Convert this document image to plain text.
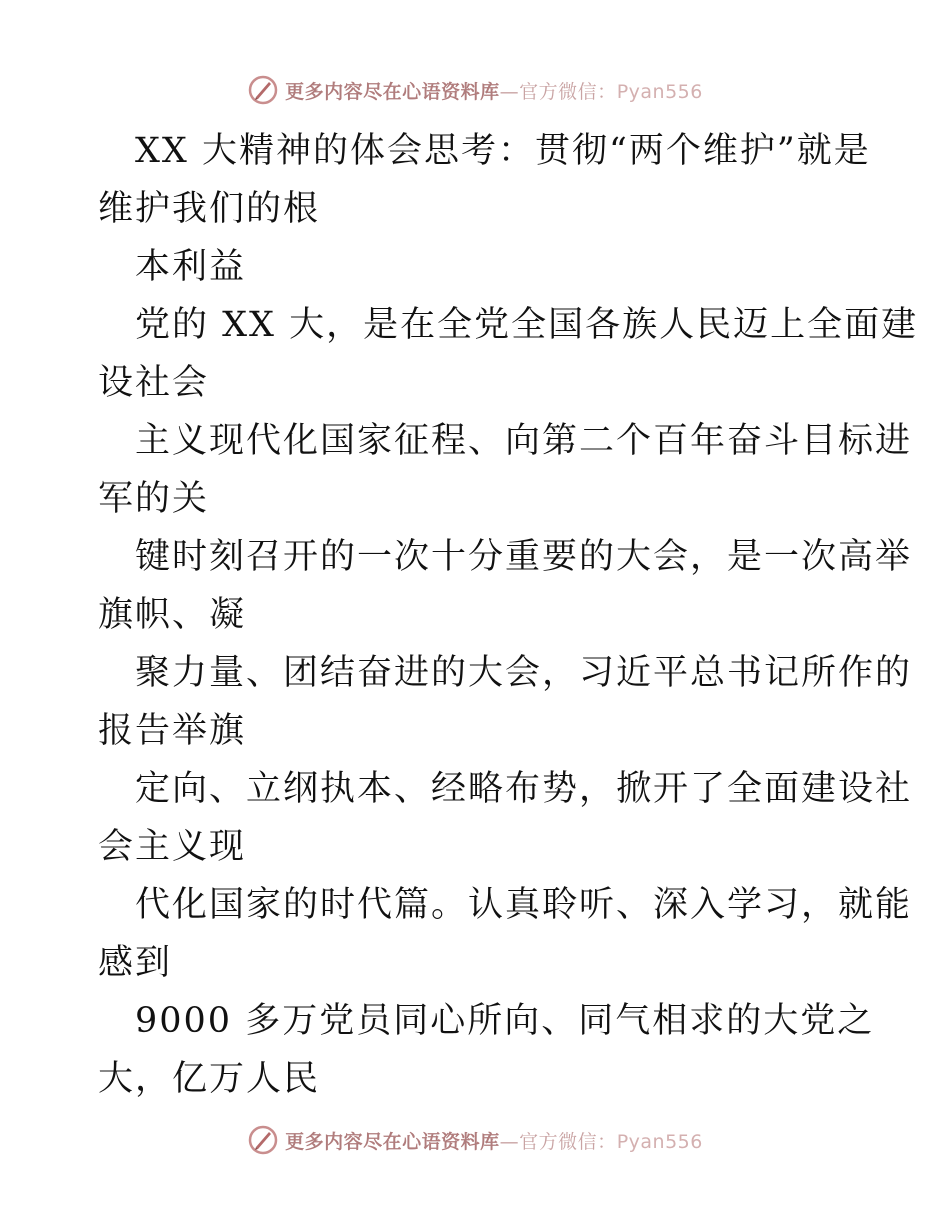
更多内容尽在心语资料库—官方微信：Pyan556
XX 大精神的体会思考：贯彻“两个维护”就是
维护我们的根
本利益
党的 XX 大，是在全党全国各族人民迈上全面建
设社会
主义现代化国家征程、向第二个百年奋斗目标进
军的关
键时刻召开的一次十分重要的大会，是一次高举
旗帜、凝
聚力量、团结奋进的大会，习近平总书记所作的
报告举旗
定向、立纲执本、经略布势，掀开了全面建设社
会主义现
代化国家的时代篇。认真聆听、深入学习，就能
感到
9000 多万党员同心所向、同气相求的大党之
大，亿万人民
更多内容尽在心语资料库—官方微信：Pyan556
